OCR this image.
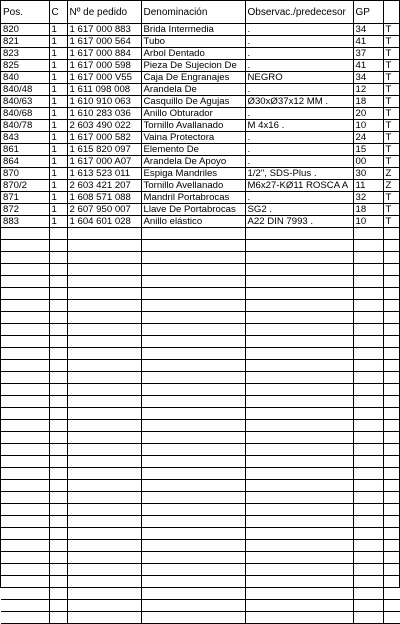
Pos.	C	Nº de pedido	Denominación	Observac./predecesor	GP	
820	1	1 617 000 883	Brida Intermedia	.	34	T
821	1	1 617 000 564	Tubo	.	41	T
823	1	1 617 000 884	Arbol Dentado	.	37	T
825	1	1 617 000 598	Pieza De Sujecion De	.	41	T
840	1	1 617 000 V55	Caja De Engranajes	NEGRO	34	T
840/48	1	1 611 098 008	Arandela De	.	12	T
840/63	1	1 610 910 063	Casquillo De Agujas	Ø30xØ37x12 MM .	18	T
840/68	1	1 610 283 036	Anillo Obturador	.	20	T
840/78	1	2 603 490 022	Tornillo Avallanado	M 4x16 .	10	T
843	1	1 617 000 582	Vaina Protectora	.	24	T
861	1	1 615 820 097	Elemento De	.	15	T
864	1	1 617 000 A07	Arandela De Apoyo	.	00	T
870	1	1 613 523 011	Espiga Mandriles	1/2", SDS-Plus .	30	Z
870/2	1	2 603 421 207	Tornillo Avellanado	M6x27-KØ11 ROSCA A	11	Z
871	1	1 608 571 088	Mandril Portabrocas	.	32	T
872	1	2 607 950 007	Llave De Portabrocas	SG2 .	18	T
883	1	1 604 601 028	Anillo elástico	A22 DIN 7993 .	10	T
